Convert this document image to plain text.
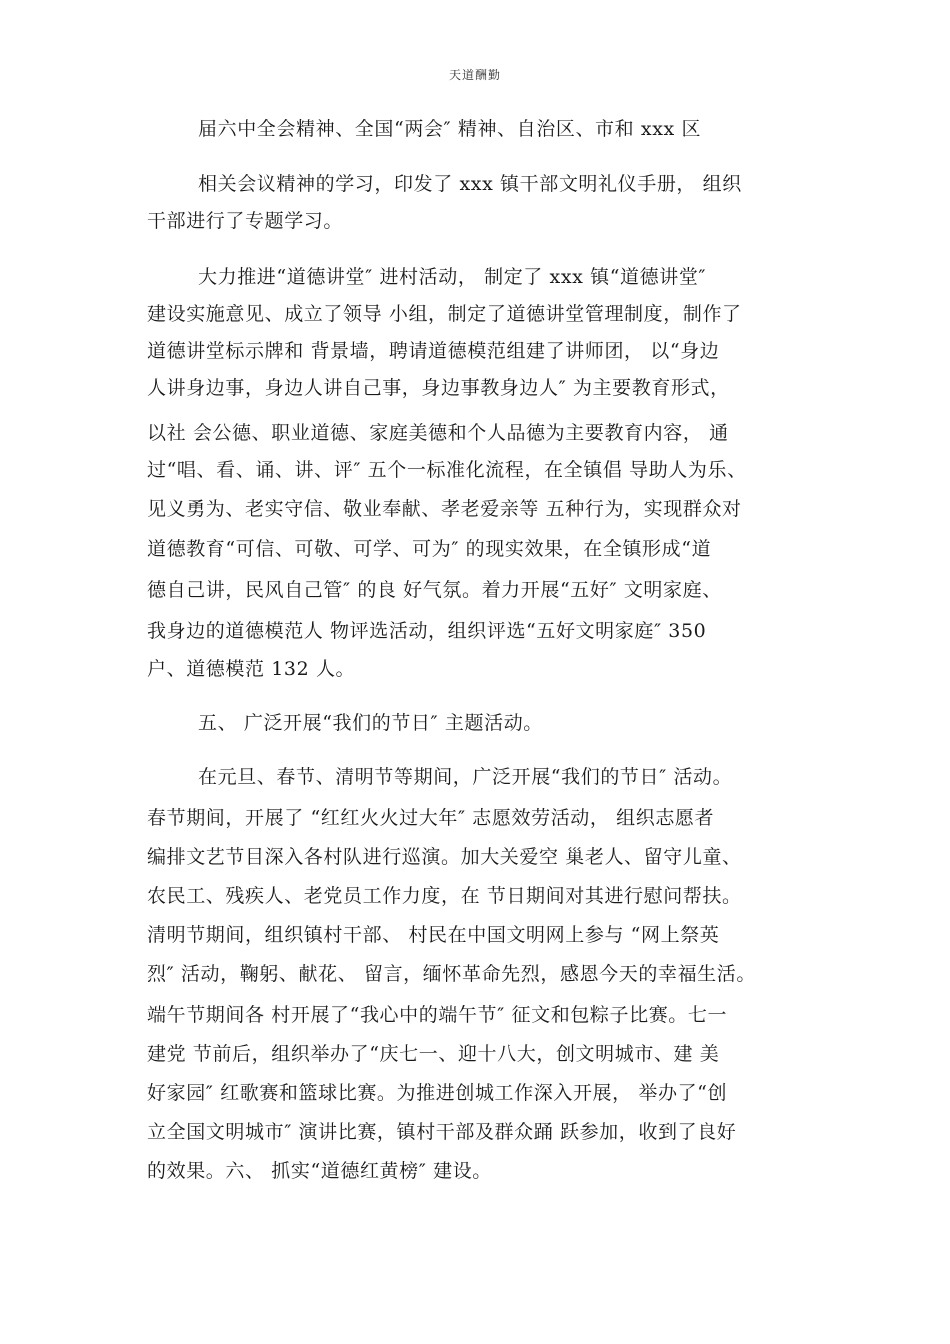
天道酬勤
届六中全会精神、全国“两会″ 精神、自治区、市和 xxx 区
相关会议精神的学习，印发了 xxx 镇干部文明礼仪手册， 组织
干部进行了专题学习。
大力推进“道德讲堂″ 进村活动， 制定了 xxx 镇“道德讲堂″
建设实施意见、成立了领导 小组，制定了道德讲堂管理制度，制作了
道德讲堂标示牌和 背景墙，聘请道德模范组建了讲师团， 以“身边
人讲身边事，身边人讲自己事，身边事教身边人″ 为主要教育形式，
以社 会公德、职业道德、家庭美德和个人品德为主要教育内容， 通
过“唱、看、诵、讲、评″ 五个一标准化流程，在全镇倡 导助人为乐、
见义勇为、老实守信、敬业奉献、孝老爱亲等 五种行为，实现群众对
道德教育“可信、可敬、可学、可为″ 的现实效果，在全镇形成“道
德自己讲，民风自己管″ 的良 好气氛。着力开展“五好″ 文明家庭、
我身边的道德模范人 物评选活动，组织评选“五好文明家庭″ 350
户、道德模范 132 人。
五、 广泛开展“我们的节日″ 主题活动。
在元旦、春节、清明节等期间，广泛开展“我们的节日″ 活动。
春节期间，开展了 “红红火火过大年″ 志愿效劳活动， 组织志愿者
编排文艺节目深入各村队进行巡演。加大关爱空 巢老人、留守儿童、
农民工、残疾人、老党员工作力度，在 节日期间对其进行慰问帮扶。
清明节期间，组织镇村干部、 村民在中国文明网上参与 “网上祭英
烈″ 活动，鞠躬、献花、 留言，缅怀革命先烈，感恩今天的幸福生活。
端午节期间各 村开展了“我心中的端午节″ 征文和包粽子比赛。七一
建党 节前后，组织举办了“庆七一、迎十八大，创文明城市、建 美
好家园″ 红歌赛和篮球比赛。为推进创城工作深入开展， 举办了“创
立全国文明城市″ 演讲比赛，镇村干部及群众踊 跃参加，收到了良好
的效果。六、 抓实“道德红黄榜″ 建设。
